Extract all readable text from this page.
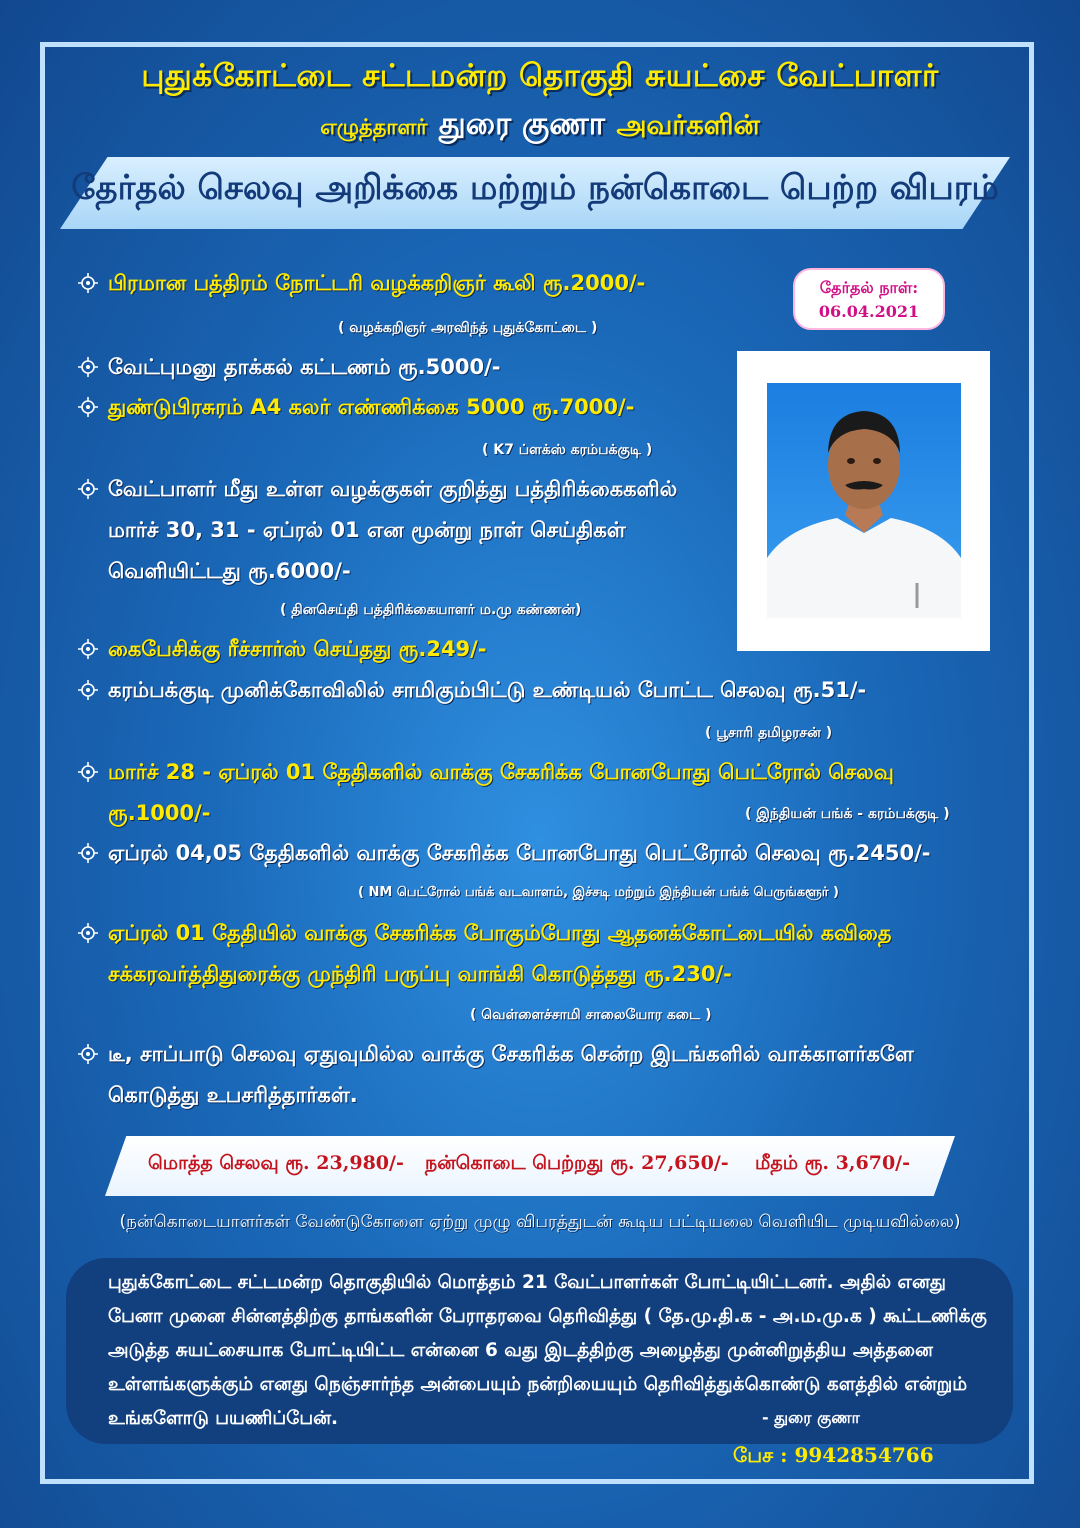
புதுக்கோட்டை சட்டமன்ற தொகுதி சுயட்சை வேட்பாளர்
எழுத்தாளர் துரை குணா அவர்களின்
தேர்தல் செலவு அறிக்கை மற்றும் நன்கொடை பெற்ற விபரம்
பிரமான பத்திரம் நோட்டரி வழக்கறிஞர் கூலி ரூ.2000/-
( வழக்கறிஞர் அரவிந்த் புதுக்கோட்டை )
வேட்புமனு தாக்கல் கட்டணம் ரூ.5000/-
துண்டுபிரசுரம் A4 கலர் எண்ணிக்கை 5000 ரூ.7000/-
( K7 ப்ளக்ஸ் கரம்பக்குடி )
வேட்பாளர் மீது உள்ள வழக்குகள் குறித்து பத்திரிக்கைகளில் மார்ச் 30, 31 - ஏப்ரல் 01 என மூன்று நாள் செய்திகள் வெளியிட்டது ரூ.6000/-
( தினசெய்தி பத்திரிக்கையாளர் ம.மு கண்ணன்)
கைபேசிக்கு ரீச்சார்ஸ் செய்தது ரூ.249/-
கரம்பக்குடி முனிக்கோவிலில் சாமிகும்பிட்டு உண்டியல் போட்ட செலவு ரூ.51/-
( பூசாரி தமிழரசன் )
மார்ச் 28 - ஏப்ரல் 01 தேதிகளில் வாக்கு சேகரிக்க போனபோது பெட்ரோல் செலவு ரூ.1000/-	( இந்தியன் பங்க் - கரம்பக்குடி )
ஏப்ரல் 04,05 தேதிகளில் வாக்கு சேகரிக்க போனபோது பெட்ரோல் செலவு ரூ.2450/-
( NM பெட்ரோல் பங்க் வடவாளம், இச்சடி மற்றும் இந்தியன் பங்க் பெருங்களூர் )
ஏப்ரல் 01 தேதியில் வாக்கு சேகரிக்க போகும்போது ஆதனக்கோட்டையில் கவிதை சக்கரவர்த்திதுரைக்கு முந்திரி பருப்பு வாங்கி கொடுத்தது ரூ.230/-
( வெள்ளைச்சாமி சாலையோர கடை )
டீ, சாப்பாடு செலவு ஏதுவுமில்ல வாக்கு சேகரிக்க சென்ற இடங்களில் வாக்காளர்களே கொடுத்து உபசரித்தார்கள்.
தேர்தல் நாள்:
06.04.2021
மொத்த செலவு ரூ. 23,980/- நன்கொடை பெற்றது ரூ. 27,650/- மீதம் ரூ. 3,670/-
(நன்கொடையாளர்கள் வேண்டுகோளை ஏற்று முழு விபரத்துடன் கூடிய பட்டியலை வெளியிட முடியவில்லை)
புதுக்கோட்டை சட்டமன்ற தொகுதியில் மொத்தம் 21 வேட்பாளர்கள் போட்டியிட்டனர். அதில் எனது பேனா முனை சின்னத்திற்கு தாங்களின் பேராதரவை தெரிவித்து ( தே.மு.தி.க - அ.ம.மு.க ) கூட்டணிக்கு அடுத்த சுயட்சையாக போட்டியிட்ட என்னை 6 வது இடத்திற்கு அழைத்து முன்னிறுத்திய அத்தனை உள்ளங்களுக்கும் எனது நெஞ்சார்ந்த அன்பையும் நன்றியையும் தெரிவித்துக்கொண்டு களத்தில் என்றும் உங்களோடு பயணிப்பேன்.	- துரை குணா
பேச : 9942854766
